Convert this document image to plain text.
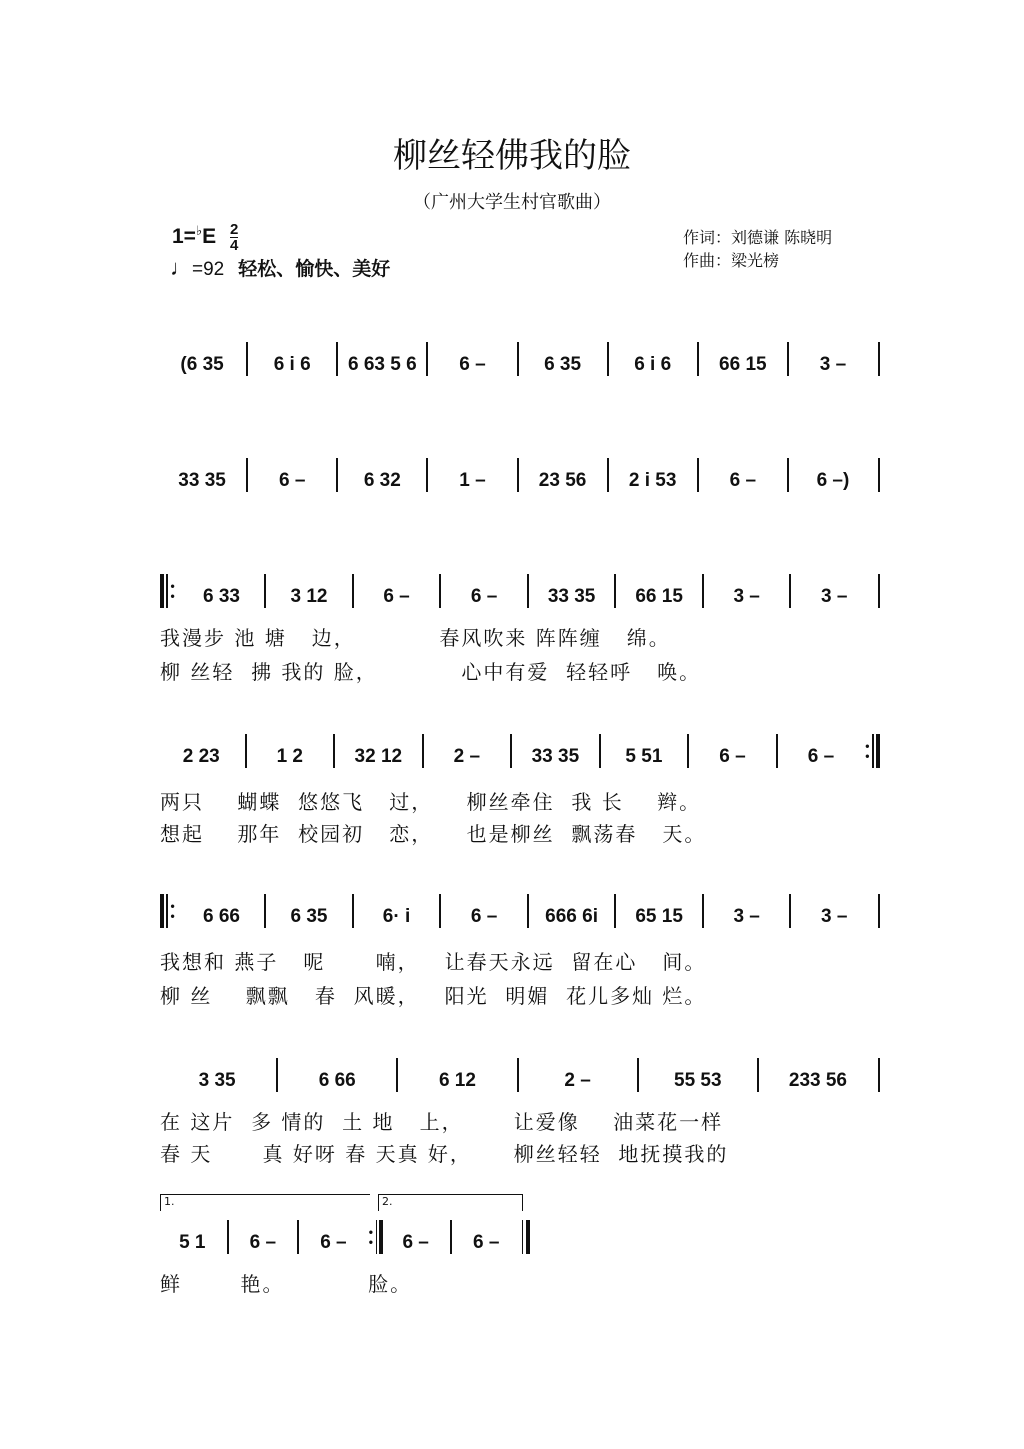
柳丝轻佛我的脸
（广州大学生村官歌曲）
$1=^♭E \frac{2}{4}$
♩=92 轻松、愉快、美好
作词：刘德谦 陈晓明
作曲：梁光榜
(6 35	6 i 6	6 63 5 6	6 –	6 35	6 i 6	66 15	3 –
33 35	6 –	6 32	1 –	23 56	2 i 53	6 –	6 –)
•
•	6 33	3 12	6 –	6 –	33 35	66 15	3 –	3 –
我漫步 池 塘   边，          春风吹来 阵阵缠   绵。
柳 丝轻  拂 我的 脸，          心中有爱  轻轻呼   唤。
2 23	1 2	32 12	2 –	33 35	5 51	6 –	6 –	•
•
两只    蝴蝶  悠悠飞   过，    柳丝牵住  我 长    辫。
想起    那年  校园初   恋，    也是柳丝  飘荡春   天。
•
•	6 66	6 35	6· i	6 –	666 6i	65 15	3 –	3 –
我想和 燕子   呢      喃，   让春天永远  留在心   间。
柳 丝    飘飘   春  风暖，   阳光  明媚  花儿多灿 烂。
3 35	6 66	6 12	2 –	55 53	233 56
在 这片  多 情的  土 地   上，      让爱像    油菜花一样
春 天      真 好呀 春 天真 好，     柳丝轻轻  地抚摸我的
1.	2.
5 1	6 –	6 –	•
•	6 –	6 –
鲜       艳。          脸。
